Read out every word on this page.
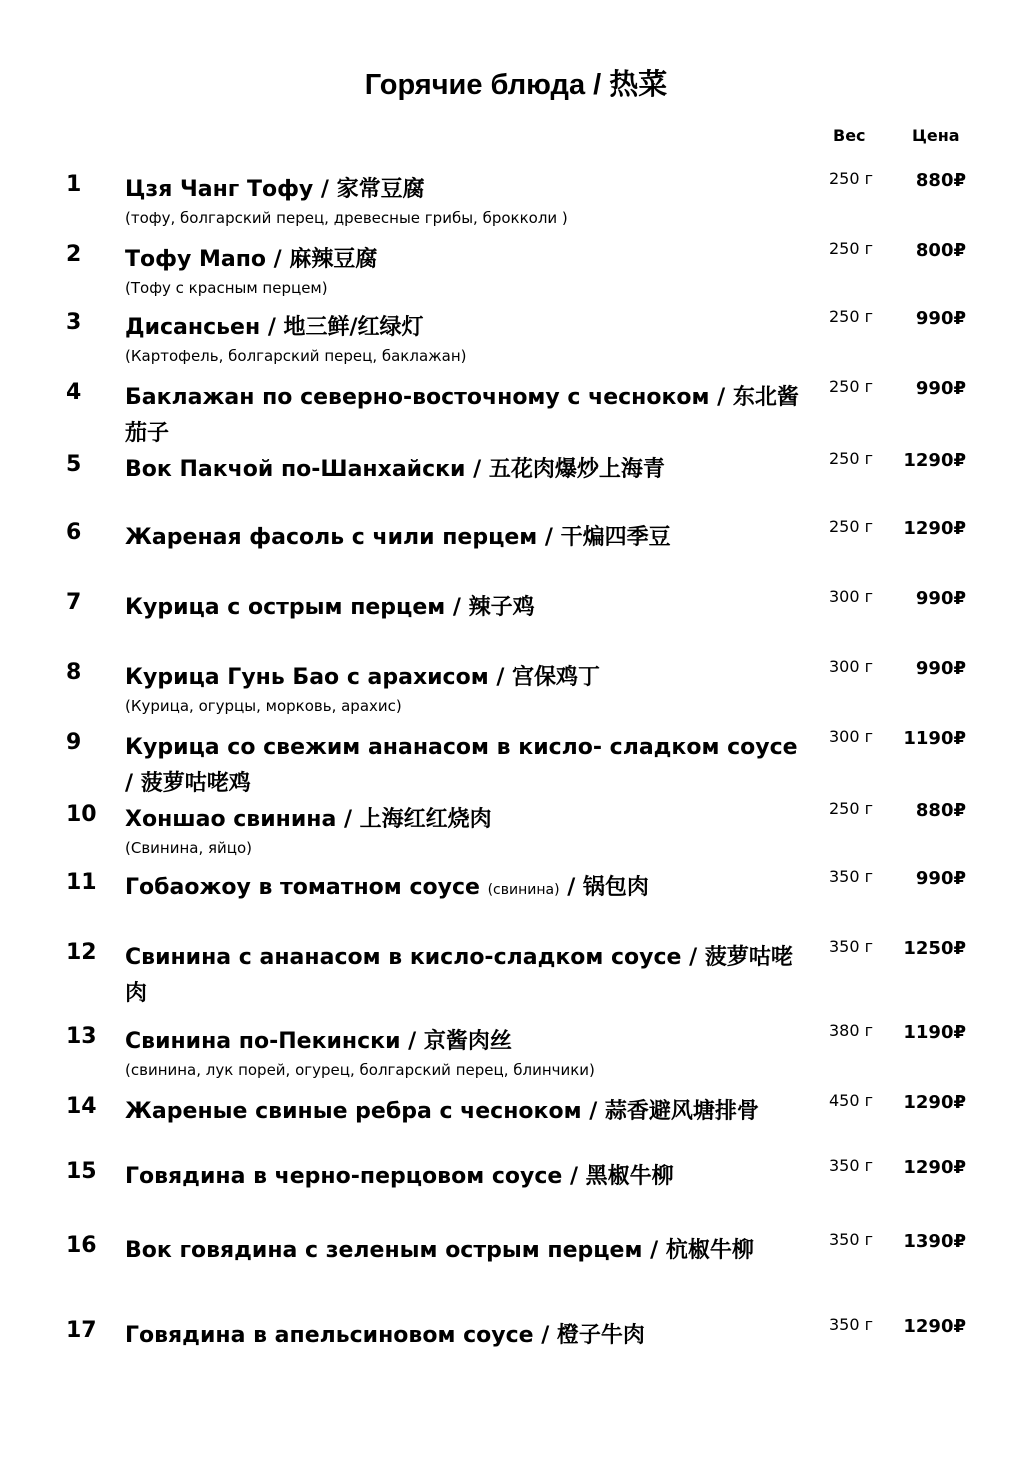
Горячие блюда / 热菜
Вес	Цена
1 Цзя Чанг Тофу / 家常豆腐
(тофу, болгарский перец, древесные грибы, брокколи )
250 г 880₽
2 Тофу Мапо / 麻辣豆腐
(Тофу с красным перцем)
250 г 800₽
3 Дисансьен / 地三鲜/红绿灯
(Картофель, болгарский перец, баклажан)
250 г 990₽
4 Баклажан по северно-восточному с чесноком / 东北酱茄子
250 г 990₽
5 Вок Пакчой по-Шанхайски / 五花肉爆炒上海青	250 г 1290₽
6 Жареная фасоль с чили перцем / 干煸四季豆	250 г 1290₽
7 Курица с острым перцем / 辣子鸡	300 г 990₽
8 Курица Гунь Бао с арахисом / 宫保鸡丁
(Курица, огурцы, морковь, арахис)
300 г 990₽
9 Курица со свежим ананасом в кисло- сладком соусе / 菠萝咕咾鸡
300 г 1190₽
10 Хоншао свинина / 上海红红烧肉
(Свинина, яйцо)
250 г 880₽
11 Гобаожоу в томатном соусе (свинина) / 锅包肉	350 г 990₽
12 Свинина с ананасом в кисло-сладком соусе / 菠萝咕咾肉
350 г 1250₽
13 Свинина по-Пекински / 京酱肉丝
(свинина, лук порей, огурец, болгарский перец, блинчики)
380 г 1190₽
14 Жареные свиные ребра с чесноком / 蒜香避风塘排骨	450 г 1290₽
15 Говядина в черно-перцовом соусе / 黑椒牛柳	350 г 1290₽
16 Вок говядина с зеленым острым перцем / 杭椒牛柳	350 г 1390₽
17 Говядина в апельсиновом соусе / 橙子牛肉	350 г 1290₽
